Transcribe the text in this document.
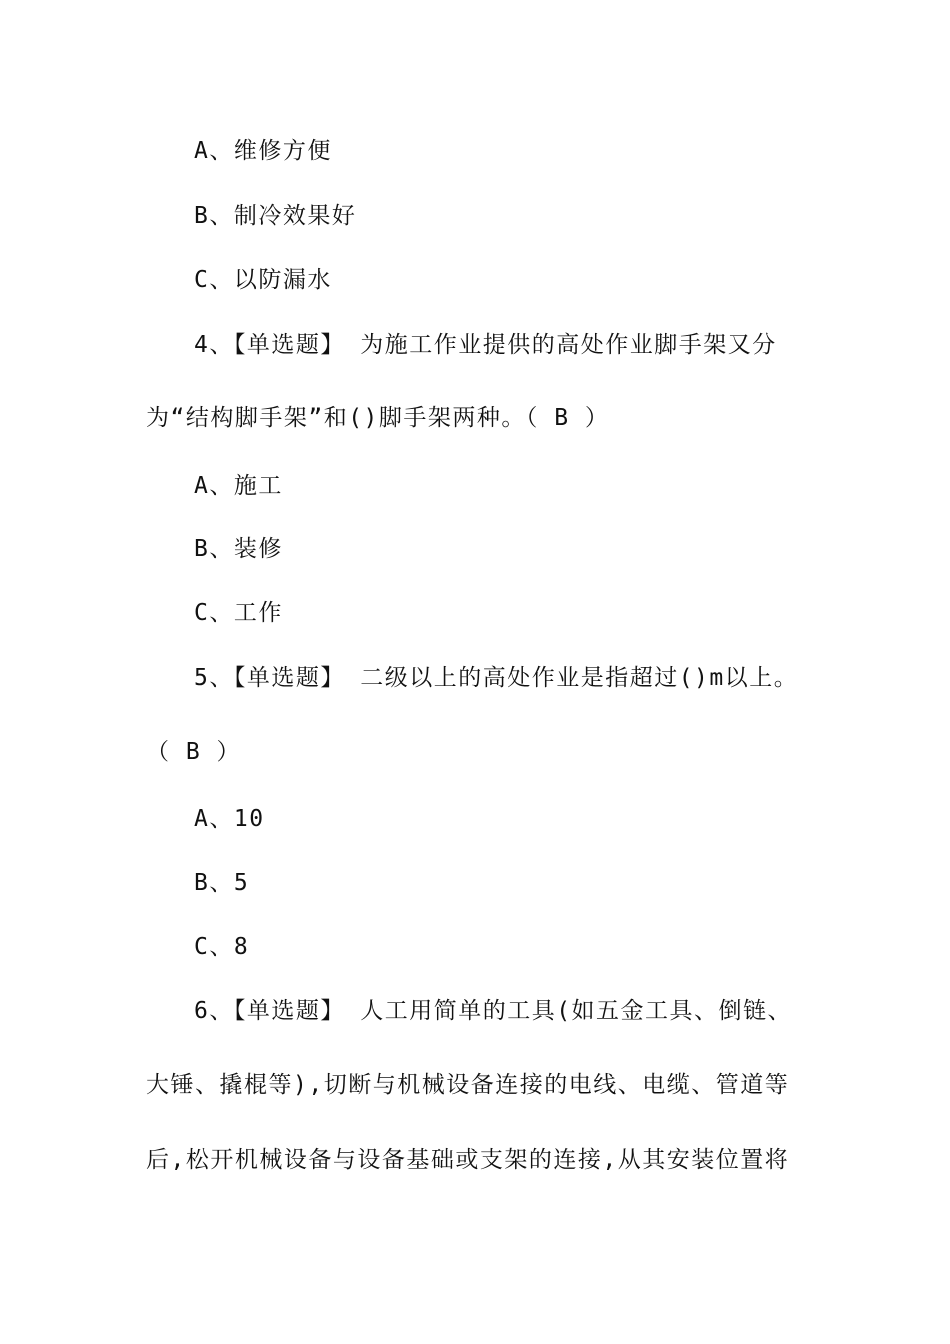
A、维修方便
B、制冷效果好
C、以防漏水
4、【单选题】 为施工作业提供的高处作业脚手架又分
为“结构脚手架”和()脚手架两种。（ B ）
A、施工
B、装修
C、工作
5、【单选题】 二级以上的高处作业是指超过()m以上。
（ B ）
A、10
B、5
C、8
6、【单选题】 人工用简单的工具(如五金工具、倒链、
大锤、撬棍等),切断与机械设备连接的电线、电缆、管道等
后,松开机械设备与设备基础或支架的连接,从其安装位置将
